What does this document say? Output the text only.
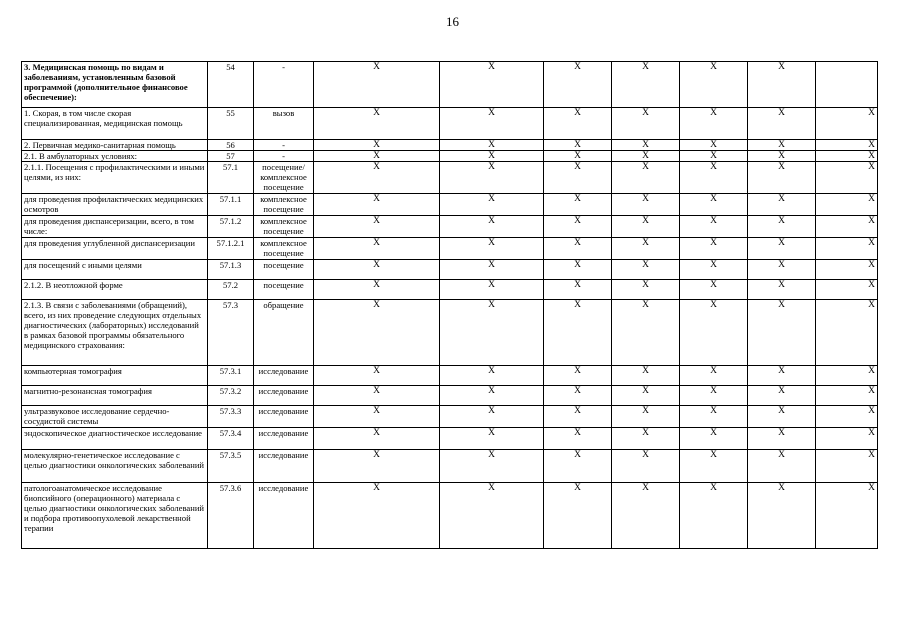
16
3. Медицинская помощь по видам и заболеваниям, установленным базовой программой (дополнительное финансовое обеспечение):	54	-	X	X	X	X	X	X	
1. Скорая, в том числе скорая специализированная, медицинская помощь	55	вызов	X	X	X	X	X	X	X
2. Первичная медико-санитарная помощь	56	-	X	X	X	X	X	X	X
2.1. В амбулаторных условиях:	57	-	X	X	X	X	X	X	X
2.1.1. Посещения с профилактическими и иными целями, из них:	57.1	посещение/ комплексное посещение	X	X	X	X	X	X	X
для проведения профилактических медицинских осмотров	57.1.1	комплексное посещение	X	X	X	X	X	X	X
для проведения диспансеризации, всего, в том числе:	57.1.2	комплексное посещение	X	X	X	X	X	X	X
для проведения углубленной диспансеризации	57.1.2.1	комплексное посещение	X	X	X	X	X	X	X
для посещений с иными целями	57.1.3	посещение	X	X	X	X	X	X	X
2.1.2. В неотложной форме	57.2	посещение	X	X	X	X	X	X	X
2.1.3. В связи с заболеваниями (обращений), всего, из них проведение следующих отдельных диагностических (лабораторных) исследований в рамках базовой программы обязательного медицинского страхования:	57.3	обращение	X	X	X	X	X	X	X
компьютерная томография	57.3.1	исследование	X	X	X	X	X	X	X
магнитно-резонансная томография	57.3.2	исследование	X	X	X	X	X	X	X
ультразвуковое исследование сердечно-сосудистой системы	57.3.3	исследование	X	X	X	X	X	X	X
эндоскопическое диагностическое исследование	57.3.4	исследование	X	X	X	X	X	X	X
молекулярно-генетическое исследование с целью диагностики онкологических заболеваний	57.3.5	исследование	X	X	X	X	X	X	X
патологоанатомическое исследование биопсийного (операционного) материала с целью диагностики онкологических заболеваний и подбора противоопухолевой лекарственной терапии	57.3.6	исследование	X	X	X	X	X	X	X
